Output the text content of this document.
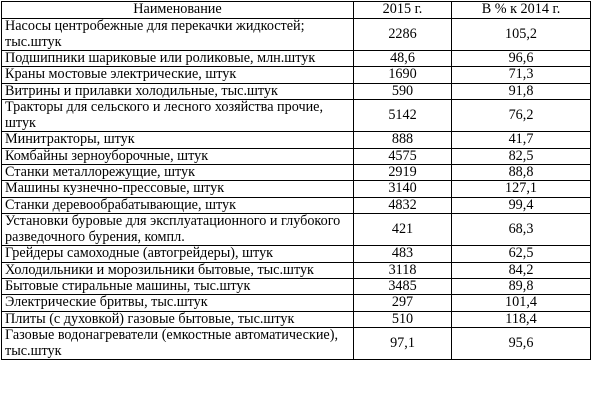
Наименование	2015 г.	В % к 2014 г.
Насосы центробежные для перекачки жидкостей; тыс.штук	2286	105,2
Подшипники шариковые или роликовые, млн.штук	48,6	96,6
Краны мостовые электрические, штук	1690	71,3
Витрины и прилавки холодильные, тыс.штук	590	91,8
Тракторы для сельского и лесного хозяйства прочие, штук	5142	76,2
Минитракторы, штук	888	41,7
Комбайны зерноуборочные, штук	4575	82,5
Станки металлорежущие, штук	2919	88,8
Машины кузнечно-прессовые, штук	3140	127,1
Станки деревообрабатывающие, штук	4832	99,4
Установки буровые для эксплуатационного и глубокого разведочного бурения, компл.	421	68,3
Грейдеры самоходные (автогрейдеры), штук	483	62,5
Холодильники и морозильники бытовые, тыс.штук	3118	84,2
Бытовые стиральные машины, тыс.штук	3485	89,8
Электрические бритвы, тыс.штук	297	101,4
Плиты (с духовкой) газовые бытовые, тыс.штук	510	118,4
Газовые водонагреватели (емкостные автоматические), тыс.штук	97,1	95,6
